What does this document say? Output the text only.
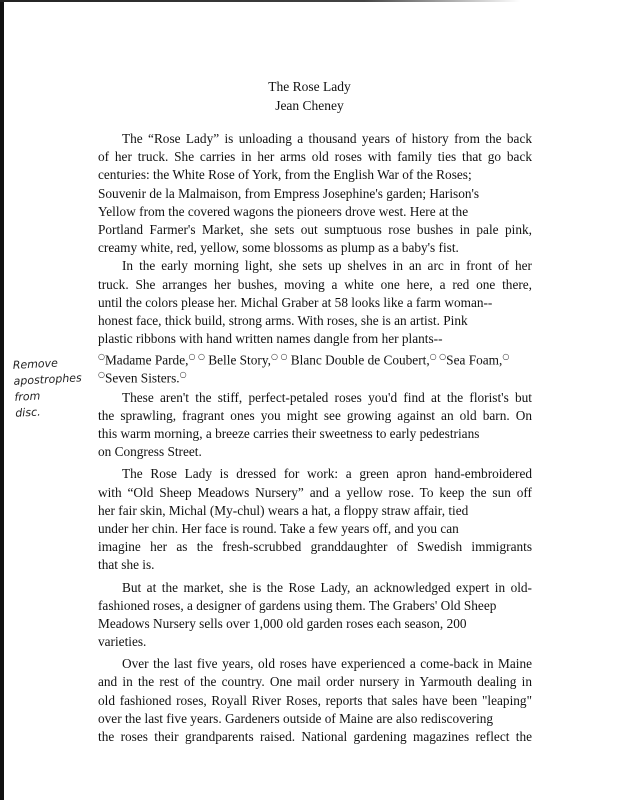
The Rose Lady
Jean Cheney
Remove
apostrophes
from
disc.
The “Rose Lady” is unloading a thousand years of history from the back
of her truck. She carries in her arms old roses with family ties that go back
centuries: the White Rose of York, from the English War of the Roses;
Souvenir de la Malmaison, from Empress Josephine's garden; Harison's
Yellow from the covered wagons the pioneers drove west. Here at the
Portland Farmer's Market, she sets out sumptuous rose bushes in pale pink,
creamy white, red, yellow, some blossoms as plump as a baby's fist.
In the early morning light, she sets up shelves in an arc in front of her
truck. She arranges her bushes, moving a white one here, a red one there,
until the colors please her. Michal Graber at 58 looks like a farm woman--
honest face, thick build, strong arms. With roses, she is an artist. Pink
plastic ribbons with hand written names dangle from her plants--
○Madame Parde,○ ○ Belle Story,○ ○ Blanc Double de Coubert,○ ○Sea Foam,○
○Seven Sisters.○
These aren't the stiff, perfect-petaled roses you'd find at the florist's but
the sprawling, fragrant ones you might see growing against an old barn. On
this warm morning, a breeze carries their sweetness to early pedestrians
on Congress Street.
The Rose Lady is dressed for work: a green apron hand-embroidered
with “Old Sheep Meadows Nursery” and a yellow rose. To keep the sun off
her fair skin, Michal (My-chul) wears a hat, a floppy straw affair, tied
under her chin. Her face is round. Take a few years off, and you can
imagine her as the fresh-scrubbed granddaughter of Swedish immigrants
that she is.
But at the market, she is the Rose Lady, an acknowledged expert in old-
fashioned roses, a designer of gardens using them. The Grabers' Old Sheep
Meadows Nursery sells over 1,000 old garden roses each season, 200
varieties.
Over the last five years, old roses have experienced a come-back in Maine
and in the rest of the country. One mail order nursery in Yarmouth dealing in
old fashioned roses, Royall River Roses, reports that sales have been "leaping"
over the last five years. Gardeners outside of Maine are also rediscovering
the roses their grandparents raised. National gardening magazines reflect the
